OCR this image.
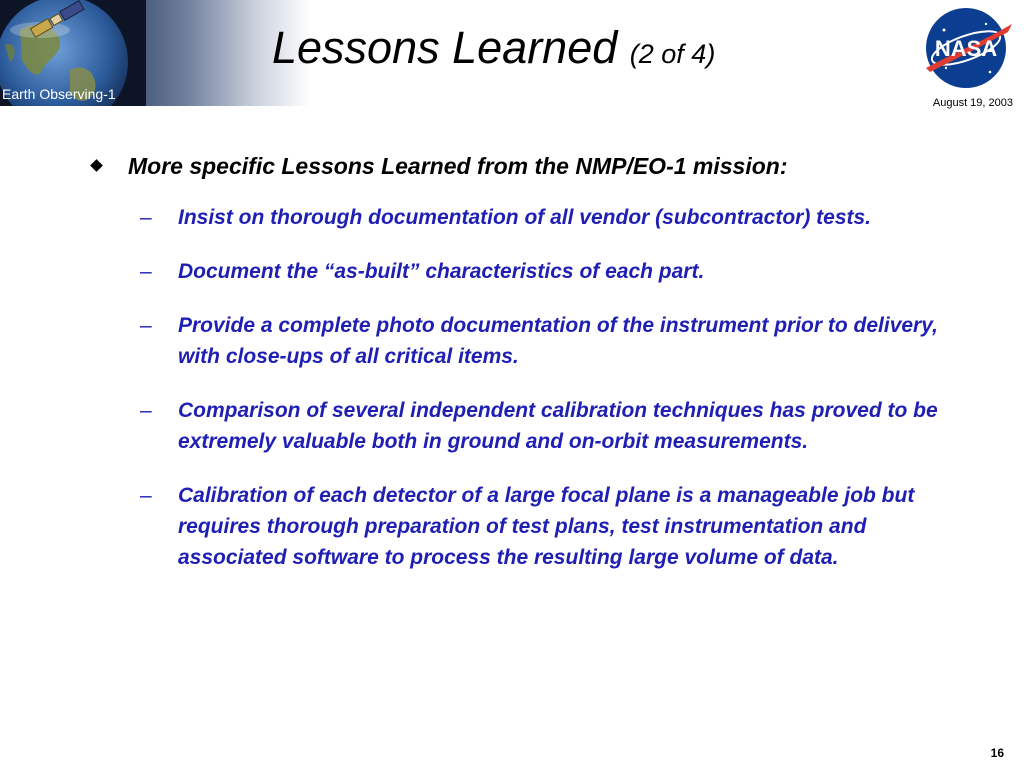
Earth Observing-1
Lessons Learned (2 of 4)	NASA
August 19, 2003
More specific Lessons Learned from the NMP/EO-1 mission:
– Insist on thorough documentation of all vendor (subcontractor) tests.
– Document the “as-built” characteristics of each part.
– Provide a complete photo documentation of the instrument prior to delivery, with close-ups of all critical items.
– Comparison of several independent calibration techniques has proved to be extremely valuable both in ground and on-orbit measurements.
– Calibration of each detector of a large focal plane is a manageable job but requires thorough preparation of test plans, test instrumentation and associated software to process the resulting large volume of data.
16
